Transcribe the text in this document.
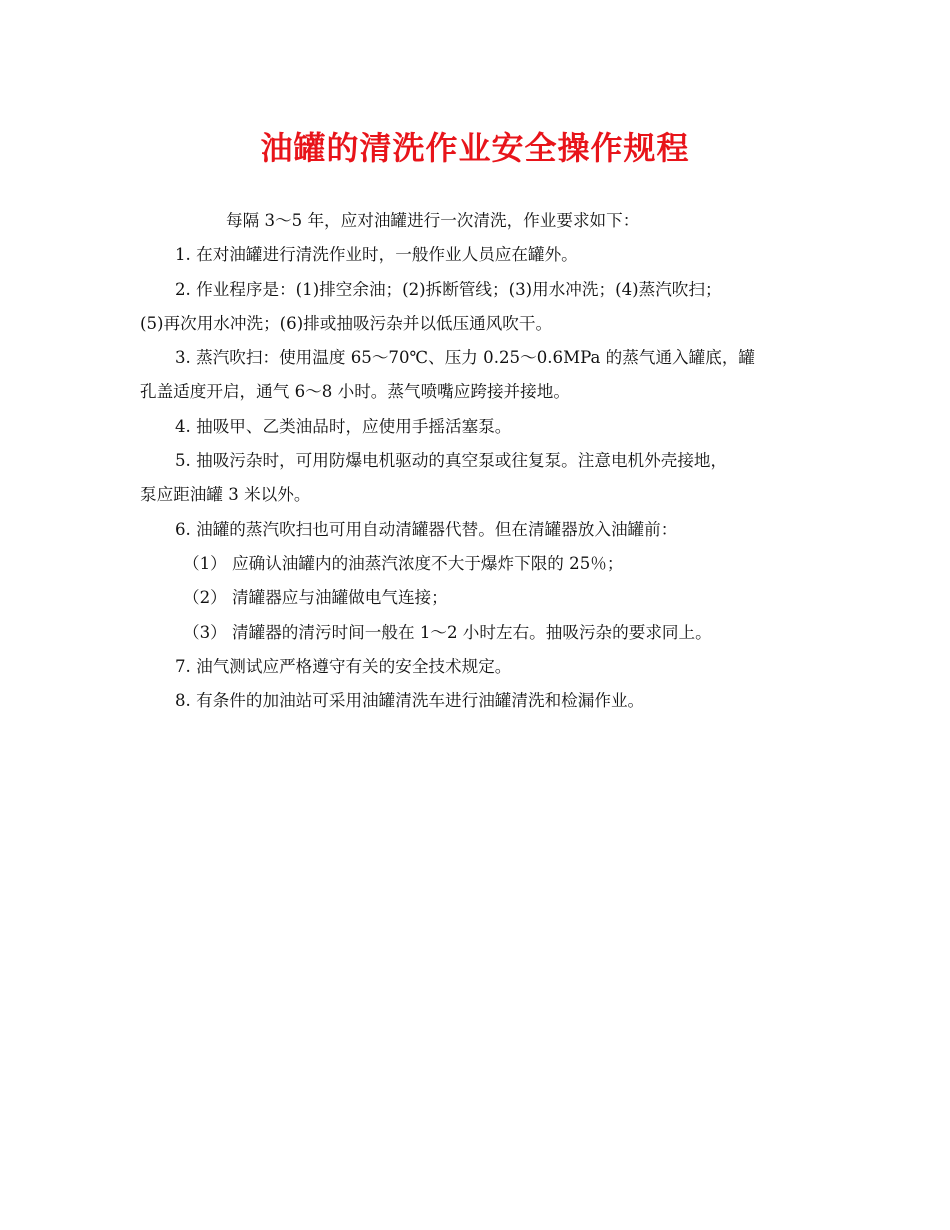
油罐的清洗作业安全操作规程
每隔 3～5 年，应对油罐进行一次清洗，作业要求如下：
1. 在对油罐进行清洗作业时，一般作业人员应在罐外。
2. 作业程序是：(1)排空余油；(2)拆断管线；(3)用水冲洗；(4)蒸汽吹扫；
(5)再次用水冲洗；(6)排或抽吸污杂并以低压通风吹干。
3. 蒸汽吹扫：使用温度 65～70℃、压力 0.25～0.6MPa 的蒸气通入罐底，罐
孔盖适度开启，通气 6～8 小时。蒸气喷嘴应跨接并接地。
4. 抽吸甲、乙类油品时，应使用手摇活塞泵。
5. 抽吸污杂时，可用防爆电机驱动的真空泵或往复泵。注意电机外壳接地，
泵应距油罐 3 米以外。
6. 油罐的蒸汽吹扫也可用自动清罐器代替。但在清罐器放入油罐前：
（1） 应确认油罐内的油蒸汽浓度不大于爆炸下限的 25％；
（2） 清罐器应与油罐做电气连接；
（3） 清罐器的清污时间一般在 1～2 小时左右。抽吸污杂的要求同上。
7. 油气测试应严格遵守有关的安全技术规定。
8. 有条件的加油站可采用油罐清洗车进行油罐清洗和检漏作业。
